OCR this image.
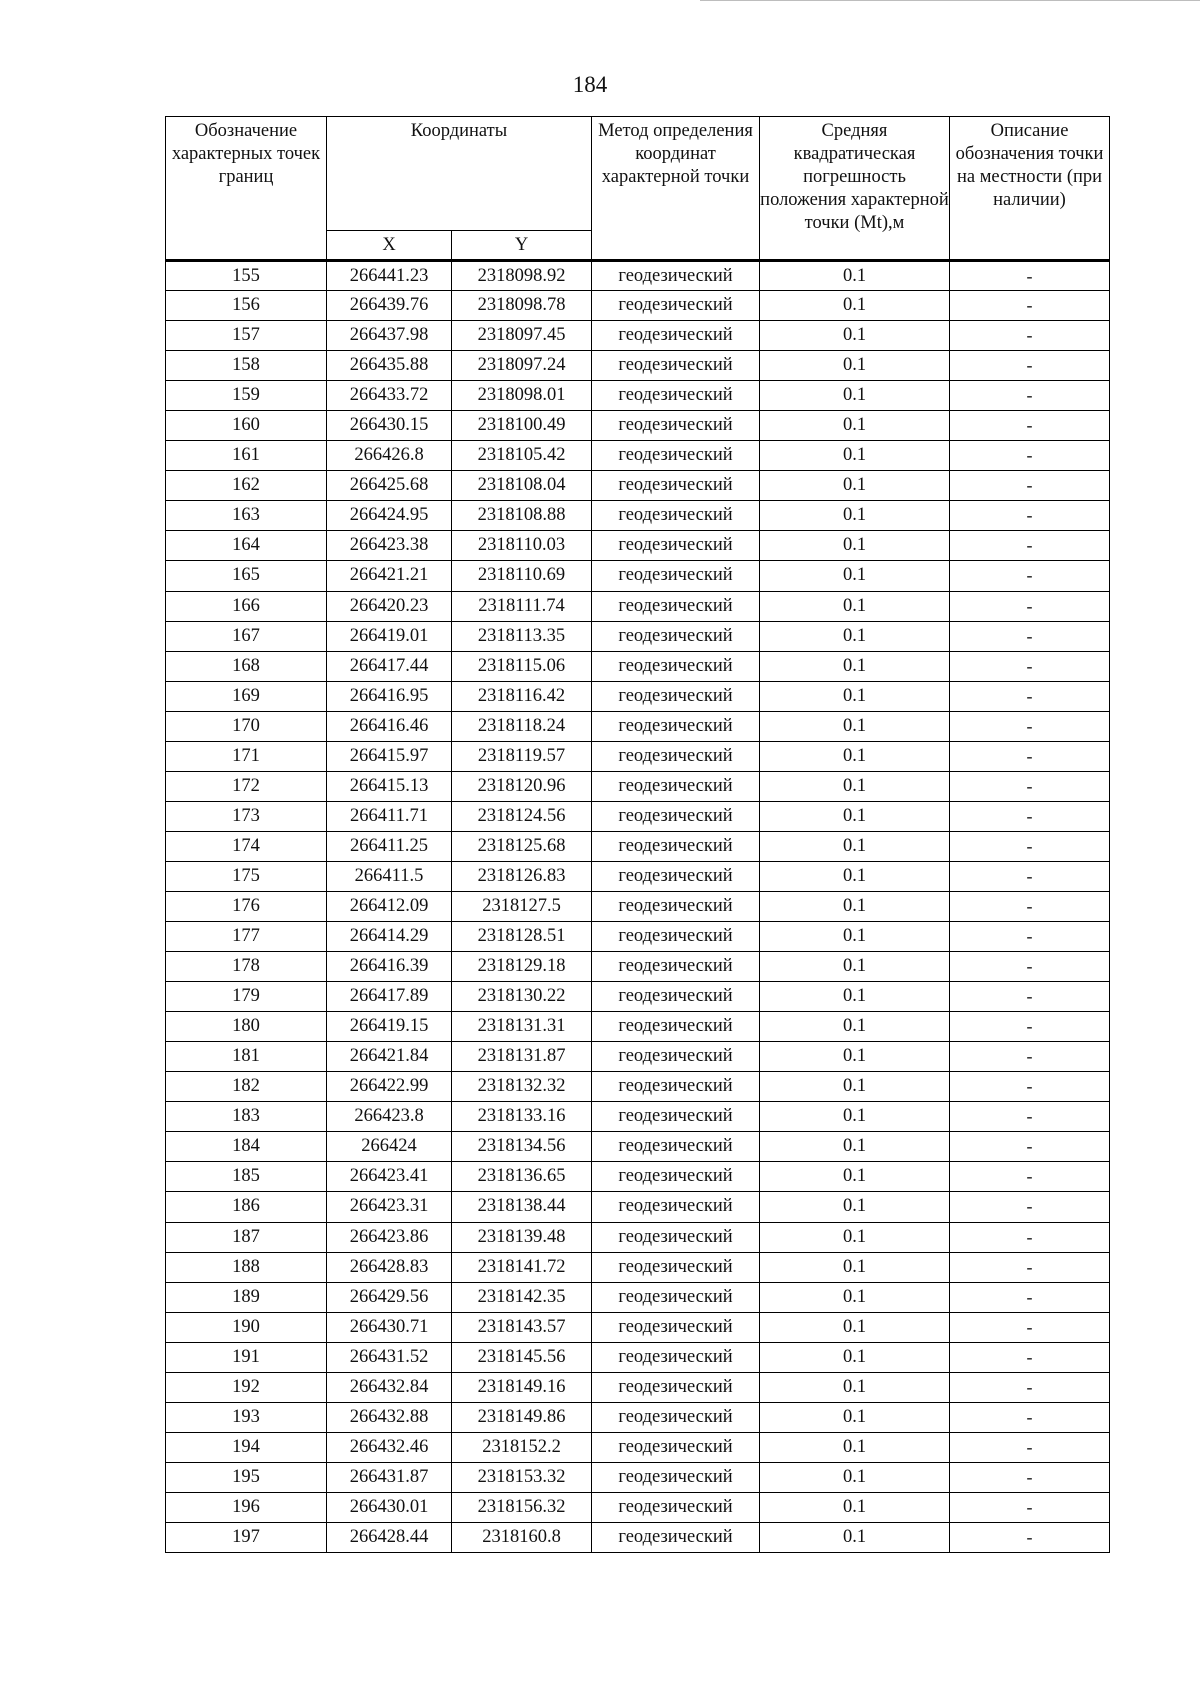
184
Обозначение характерных точек границ	Координаты		Метод определения координат характерной точки	Средняя квадратическая погрешность положения характерной точки (Mt),м	Описание обозначения точки на местности (при наличии)
	X	Y			
155	266441.23	2318098.92	геодезический	0.1	-
156	266439.76	2318098.78	геодезический	0.1	-
157	266437.98	2318097.45	геодезический	0.1	-
158	266435.88	2318097.24	геодезический	0.1	-
159	266433.72	2318098.01	геодезический	0.1	-
160	266430.15	2318100.49	геодезический	0.1	-
161	266426.8	2318105.42	геодезический	0.1	-
162	266425.68	2318108.04	геодезический	0.1	-
163	266424.95	2318108.88	геодезический	0.1	-
164	266423.38	2318110.03	геодезический	0.1	-
165	266421.21	2318110.69	геодезический	0.1	-
166	266420.23	2318111.74	геодезический	0.1	-
167	266419.01	2318113.35	геодезический	0.1	-
168	266417.44	2318115.06	геодезический	0.1	-
169	266416.95	2318116.42	геодезический	0.1	-
170	266416.46	2318118.24	геодезический	0.1	-
171	266415.97	2318119.57	геодезический	0.1	-
172	266415.13	2318120.96	геодезический	0.1	-
173	266411.71	2318124.56	геодезический	0.1	-
174	266411.25	2318125.68	геодезический	0.1	-
175	266411.5	2318126.83	геодезический	0.1	-
176	266412.09	2318127.5	геодезический	0.1	-
177	266414.29	2318128.51	геодезический	0.1	-
178	266416.39	2318129.18	геодезический	0.1	-
179	266417.89	2318130.22	геодезический	0.1	-
180	266419.15	2318131.31	геодезический	0.1	-
181	266421.84	2318131.87	геодезический	0.1	-
182	266422.99	2318132.32	геодезический	0.1	-
183	266423.8	2318133.16	геодезический	0.1	-
184	266424	2318134.56	геодезический	0.1	-
185	266423.41	2318136.65	геодезический	0.1	-
186	266423.31	2318138.44	геодезический	0.1	-
187	266423.86	2318139.48	геодезический	0.1	-
188	266428.83	2318141.72	геодезический	0.1	-
189	266429.56	2318142.35	геодезический	0.1	-
190	266430.71	2318143.57	геодезический	0.1	-
191	266431.52	2318145.56	геодезический	0.1	-
192	266432.84	2318149.16	геодезический	0.1	-
193	266432.88	2318149.86	геодезический	0.1	-
194	266432.46	2318152.2	геодезический	0.1	-
195	266431.87	2318153.32	геодезический	0.1	-
196	266430.01	2318156.32	геодезический	0.1	-
197	266428.44	2318160.8	геодезический	0.1	-
